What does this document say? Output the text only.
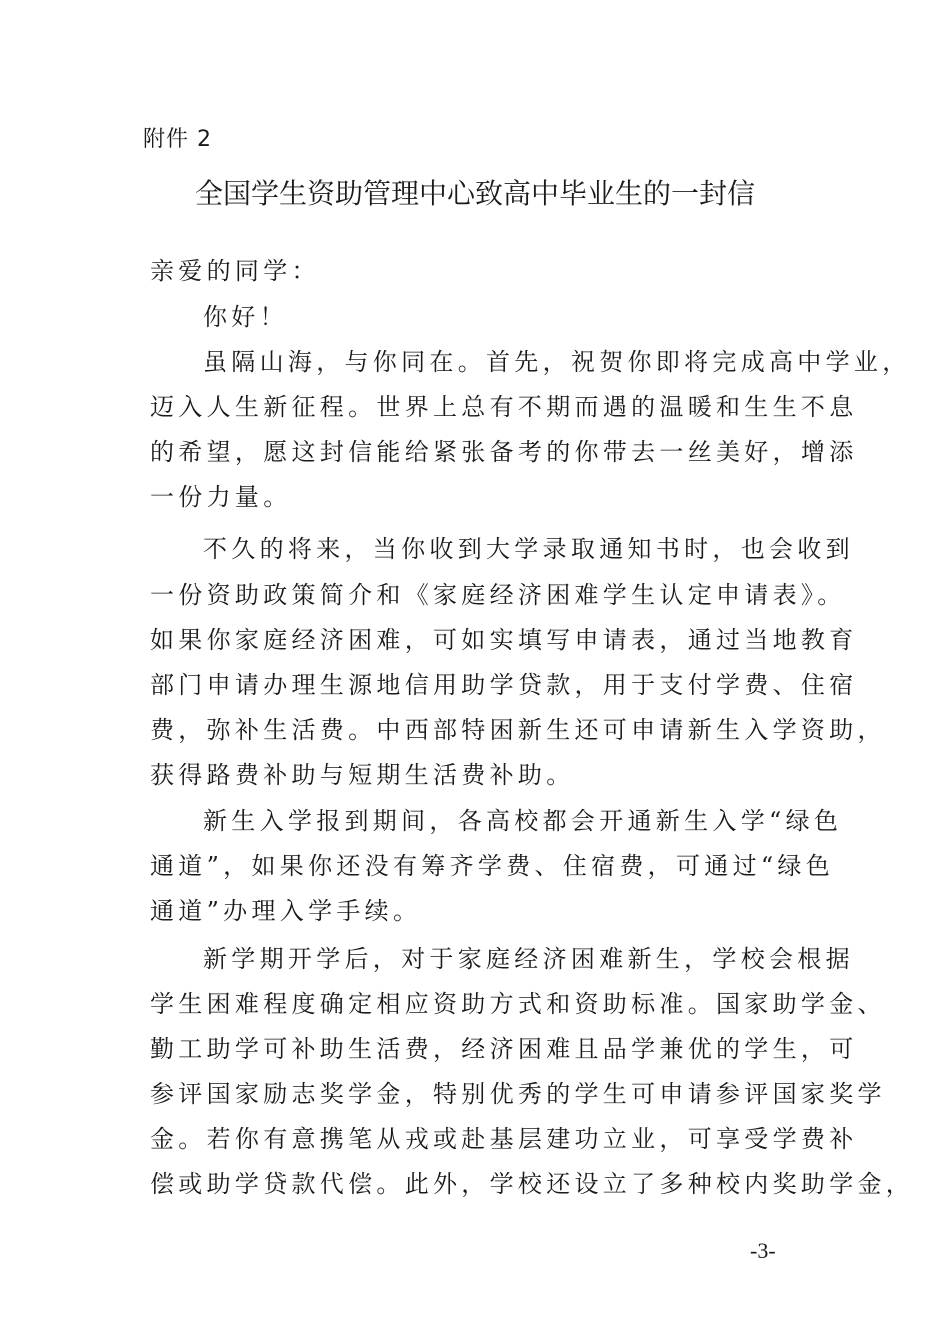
附件 2
全国学生资助管理中心致高中毕业生的一封信
亲爱的同学：
你好！
虽隔山海，与你同在。首先，祝贺你即将完成高中学业，
迈入人生新征程。世界上总有不期而遇的温暖和生生不息
的希望，愿这封信能给紧张备考的你带去一丝美好，增添
一份力量。
不久的将来，当你收到大学录取通知书时，也会收到
一份资助政策简介和《家庭经济困难学生认定申请表》。
如果你家庭经济困难，可如实填写申请表，通过当地教育
部门申请办理生源地信用助学贷款，用于支付学费、住宿
费，弥补生活费。中西部特困新生还可申请新生入学资助，
获得路费补助与短期生活费补助。
新生入学报到期间，各高校都会开通新生入学“绿色
通道”，如果你还没有筹齐学费、住宿费，可通过“绿色
通道”办理入学手续。
新学期开学后，对于家庭经济困难新生，学校会根据
学生困难程度确定相应资助方式和资助标准。国家助学金、
勤工助学可补助生活费，经济困难且品学兼优的学生，可
参评国家励志奖学金，特别优秀的学生可申请参评国家奖学
金。若你有意携笔从戎或赴基层建功立业，可享受学费补
偿或助学贷款代偿。此外，学校还设立了多种校内奖助学金，
-3-
